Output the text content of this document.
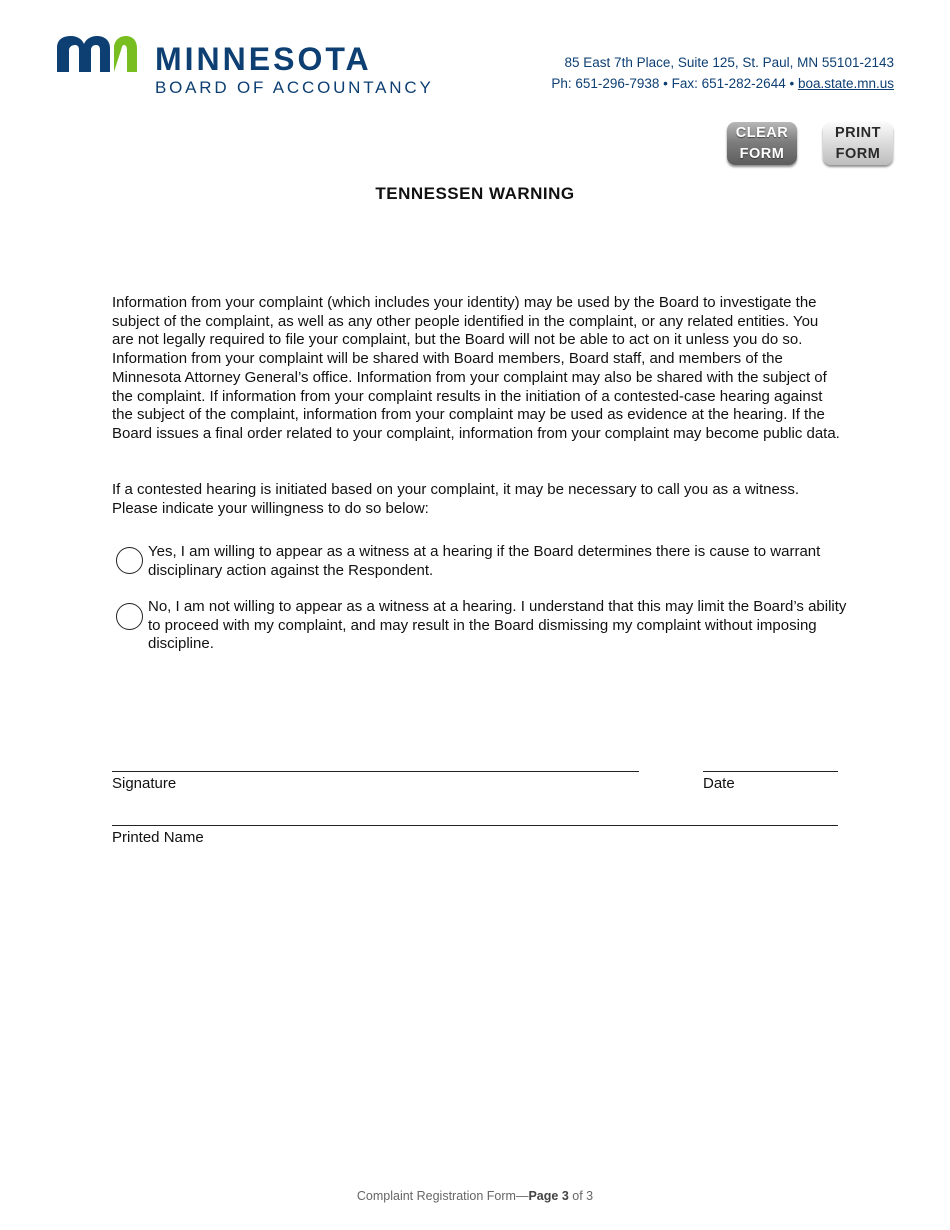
MINNESOTA
BOARD OF ACCOUNTANCY
85 East 7th Place, Suite 125, St. Paul, MN 55101-2143
Ph: 651-296-7938 • Fax: 651-282-2644 • boa.state.mn.us
CLEAR
FORM
PRINT
FORM
TENNESSEN WARNING
Information from your complaint (which includes your identity) may be used by the Board to investigate the subject of the complaint, as well as any other people identified in the complaint, or any related entities. You are not legally required to file your complaint, but the Board will not be able to act on it unless you do so. Information from your complaint will be shared with Board members, Board staff, and members of the Minnesota Attorney General’s office. Information from your complaint may also be shared with the subject of the complaint. If information from your complaint results in the initiation of a contested-case hearing against the subject of the complaint, information from your complaint may be used as evidence at the hearing. If the Board issues a final order related to your complaint, information from your complaint may become public data.
If a contested hearing is initiated based on your complaint, it may be necessary to call you as a witness. Please indicate your willingness to do so below:
Yes, I am willing to appear as a witness at a hearing if the Board determines there is cause to warrant disciplinary action against the Respondent.
No, I am not willing to appear as a witness at a hearing. I understand that this may limit the Board’s ability to proceed with my complaint, and may result in the Board dismissing my complaint without imposing discipline.
Signature	Date
Printed Name
Complaint Registration Form—Page 3 of 3
